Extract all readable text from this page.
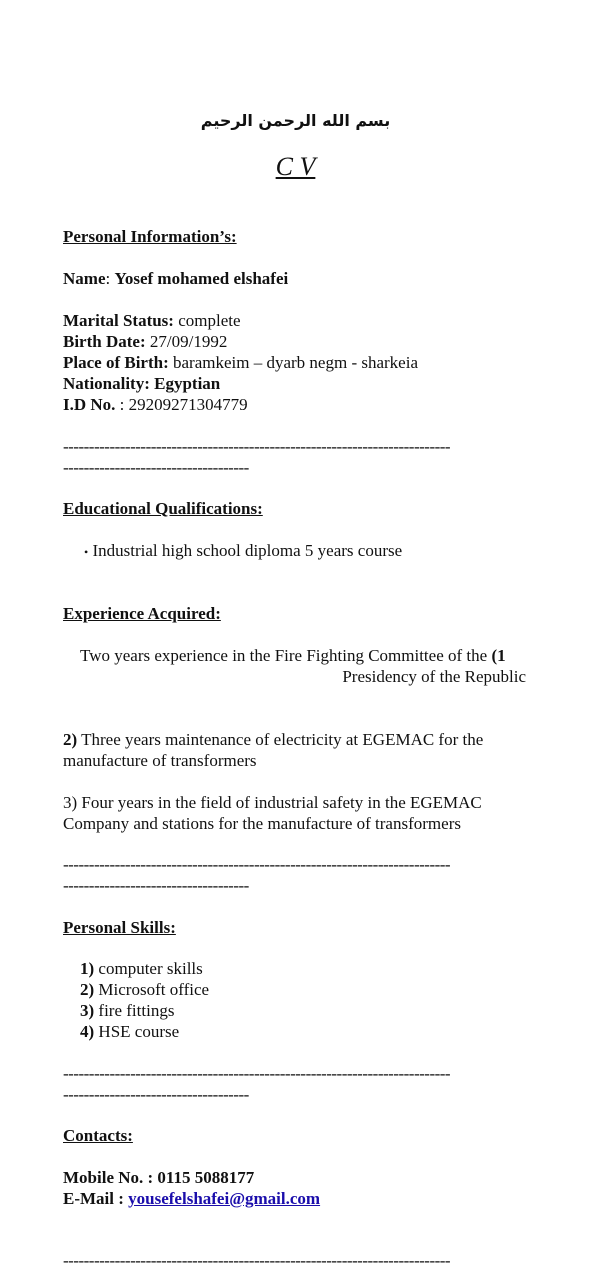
بسم الله الرحمن الرحيم
C V
Personal Information’s:
Name: Yosef mohamed elshafei
Marital Status: complete
Birth Date: 27/09/1992
Place of Birth: baramkeim – dyarb negm - sharkeia
Nationality: Egyptian
I.D No. : 29209271304779
---------------------------------------------------------------------------
------------------------------------
Educational Qualifications:
• Industrial high school diploma 5 years course
Experience Acquired:
Two years experience in the Fire Fighting Committee of the (1
Presidency of the Republic
2) Three years maintenance of electricity at EGEMAC for the
manufacture of transformers
3) Four years in the field of industrial safety in the EGEMAC
Company and stations for the manufacture of transformers
---------------------------------------------------------------------------
------------------------------------
Personal Skills:
1) computer skills
2) Microsoft office
3) fire fittings
4) HSE course
---------------------------------------------------------------------------
------------------------------------
Contacts:
Mobile No. : 0115 5088177
E-Mail : yousefelshafei@gmail.com
---------------------------------------------------------------------------
